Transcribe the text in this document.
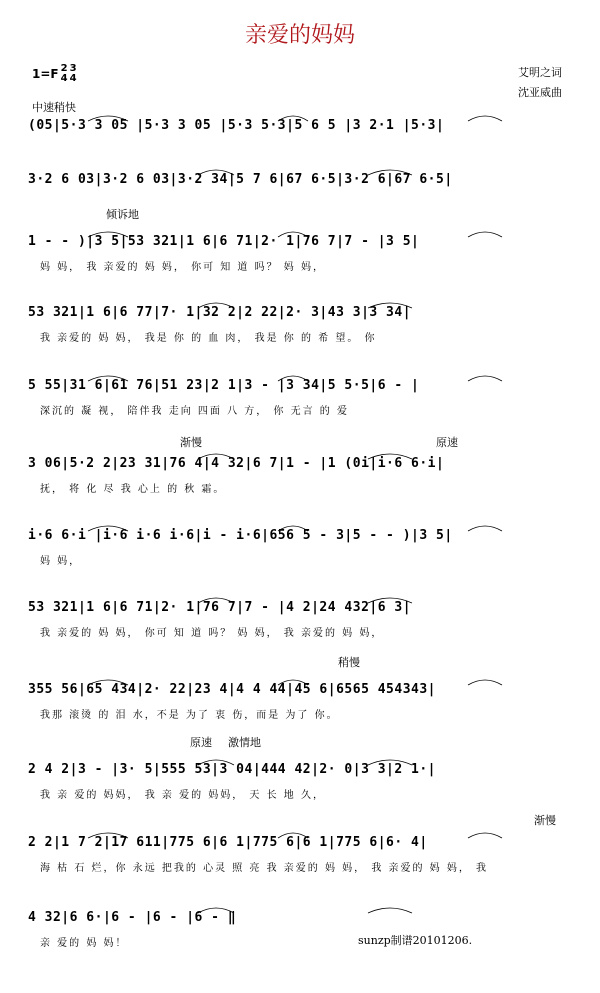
亲爱的妈妈
1=F 2
4
3
4	艾明之词
沈亚威曲
中速稍快
倾诉地
渐慢	原速
稍慢
原速 激情地
渐慢
(05|5·3 3 05 |5·3 3 05 |5·3 5·3|5 6 5 |3 2·1 |5·3|
3·2 6 03|3·2 6 03|3·2 34|5 7 6|67 6·5|3·2 6|67 6·5|
1 - - )|3 5|53 321|1 6|6 71|2· 1|76 7|7 - |3 5|
妈 妈， 我 亲爱的 妈 妈， 你可 知 道 吗？ 妈 妈，
53 321|1 6|6 77|7· 1|32 2|2 22|2· 3|43 3|3 34|
我 亲爱的 妈 妈， 我是 你 的 血 肉， 我是 你 的 希 望。 你
5 55|31 6|61 76|51 23|2 1|3 - |3 34|5 5·5|6 - |
深沉的 凝 视， 陪伴我 走向 四面 八 方， 你 无言 的 爱
3 06|5·2 2|23 31|76 4|4 32|6 7|1 - |1 (0i|i·6 6·i|
抚， 将 化 尽 我 心上 的 秋 霜。
i·6 6·i |i·6 i·6 i·6|i - i·6|656 5 - 3|5 - - )|3 5|
妈 妈，
53 321|1 6|6 71|2· 1|76 7|7 - |4 2|24 432|6 3|
我 亲爱的 妈 妈， 你可 知 道 吗？ 妈 妈， 我 亲爱的 妈 妈，
355 56|65 434|2· 22|23 4|4 4 44|45 6|6565 454343|
我那 滚烫 的 泪 水，不是 为了 衷 伤，而是 为了 你。
2 4 2|3 - |3· 5|555 53|3 04|444 42|2· 0|3 3|2 1·|
我 亲 爱的 妈妈， 我 亲 爱的 妈妈， 天 长 地 久，
2 2|1 7 2|17 611|775 6|6 1|775 6|6 1|775 6|6· 4|
海 枯 石 烂，你 永远 把我的 心灵 照 亮 我 亲爱的 妈 妈， 我 亲爱的 妈 妈， 我
4 32|6 6·|6 - |6 - |6 - ‖
亲 爱的 妈 妈！	sunzp制谱20101206.
